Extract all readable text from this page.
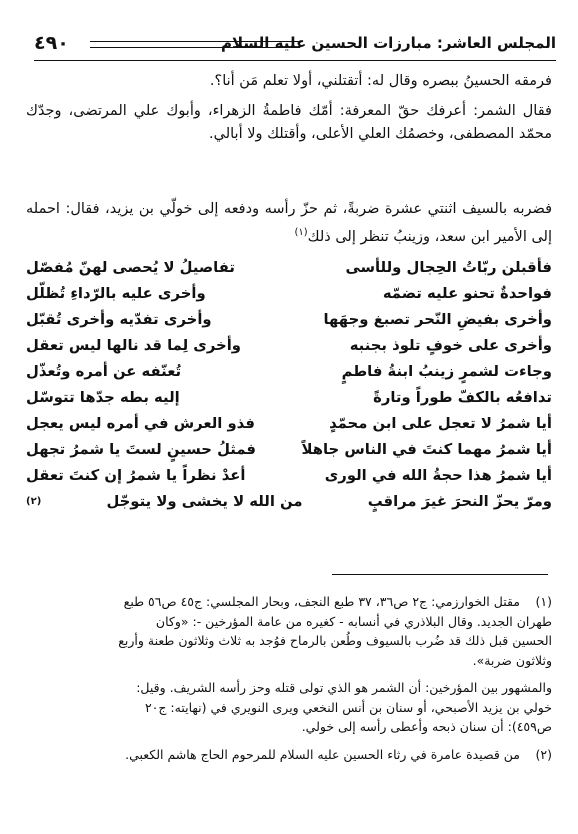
المجلس العاشر: مبارزات الحسين عليه السلام
٤٩٠

فرمقه الحسينُ ببصره وقال له: أتقتلني، أولا تعلم مَن أنا؟.

فقال الشمر: أعرفك حقّ المعرفة: أمّك فاطمةُ الزهراء، وأبوك علي المرتضى، وجدّك محمّد المصطفى، وخصمُك العلي الأعلى، وأقتلك ولا أبالي.

فضربه بالسيف اثنتي عشرة ضربةً، ثم حزّ رأسه ودفعه إلى خولّي بن يزيد، فقال: احمله إلى الأمير ابن سعد، وزينبُ تنظر إلى ذلك$^{(١)}$

فأقبلن ربّاتُ الحِجال وللأسى
تفاصيلُ لا يُحصى لهنّ مُفصّل
فواحدةٌ تحنو عليه تضمّه
وأخرى عليه بالرّداءِ تُظلّل
وأخرى بفيضِ النّحر تصبغ وجهَها
وأخرى تفدّيه وأخرى تُقبّل
وأخرى على خوفٍ تلوذ بجنبه
وأخرى لِما قد نالها ليس تعقل
وجاءت لشمرٍ زينبُ ابنةُ فاطمٍ
تُعنّفه عن أمره وتُعذّل
تدافعُه بالكفّ طوراً وتارةً
إليه بطه جدّها تتوسّل
أيا شمرُ لا تعجل على ابن محمّدٍ
فذو العرش في أمره ليس يعجل
أيا شمرُ مهما كنتَ في الناس جاهلاً
فمثلُ حسينٍ لستَ يا شمرُ تجهل
أيا شمرُ هذا حجةُ الله في الورى
أعدْ نظراً يا شمرُ إن كنتَ تعقل
ومرّ يحزّ النحرَ غيرَ مراقبٍ
من الله لا يخشى ولا يتوجّل
(٢)
(١)
مقتل الخوارزمي: ج٢ ص٣٦، ٣٧ طبع النجف، وبحار المجلسي: ج٤٥ ص٥٦ طبع

طهران الجديد. وقال البلاذري في أنسابه - كغيره من عامة المؤرخين -: «وكان

الحسين قبل ذلك قد ضُرب بالسيوف وطُعن بالرماح فوُجد به ثلاث وثلاثون طعنة وأربع

وثلاثون ضربة».

والمشهور بين المؤرخين: أن الشمر هو الذي تولى قتله وحز رأسه الشريف. وقيل:

خولي بن يزيد الأصبحي، أو سنان بن أنس النخعي ويرى النويري في (نهايته: ج٢٠

ص٤٥٩): أن سنان ذبحه وأعطى رأسه إلى خولي.

(٢)
من قصيدة عامرة في رثاء الحسين عليه السلام للمرحوم الحاج هاشم الكعبي.
